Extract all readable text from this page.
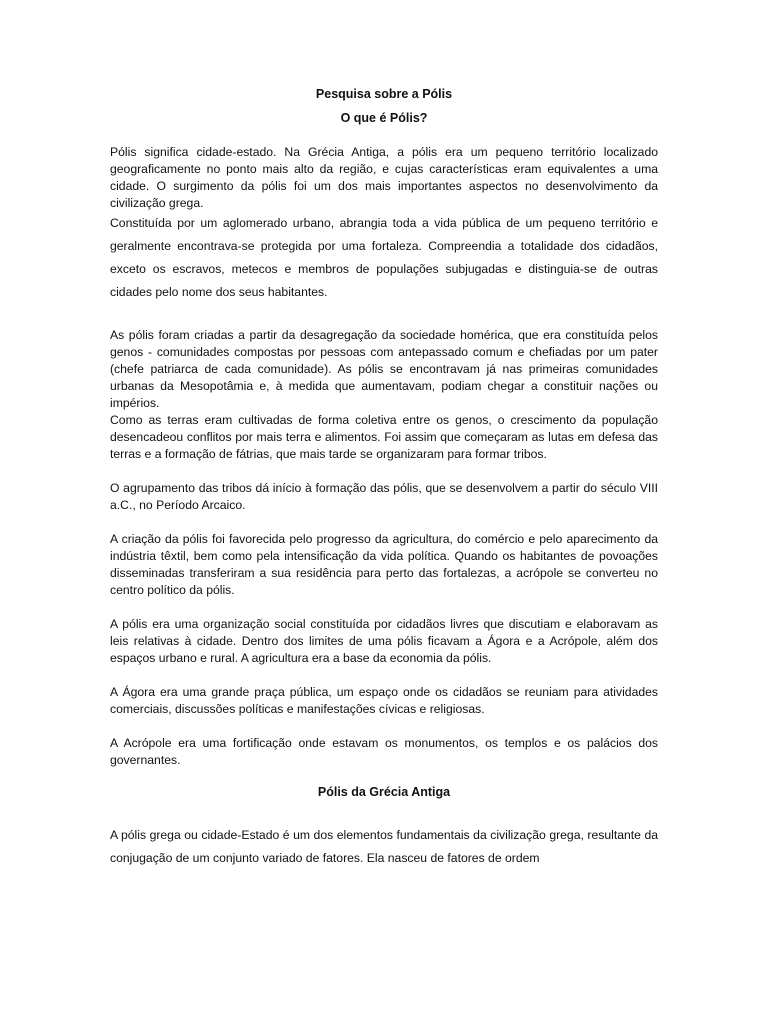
Pesquisa sobre a Pólis
O que é Pólis?

Pólis significa cidade-estado. Na Grécia Antiga, a pólis era um pequeno território localizado geograficamente no ponto mais alto da região, e cujas características eram equivalentes a uma cidade. O surgimento da pólis foi um dos mais importantes aspectos no desenvolvimento da civilização grega.

Constituída por um aglomerado urbano, abrangia toda a vida pública de um pequeno território e geralmente encontrava-se protegida por uma fortaleza. Compreendia a totalidade dos cidadãos, exceto os escravos, metecos e membros de populações subjugadas e distinguia-se de outras cidades pelo nome dos seus habitantes.

As pólis foram criadas a partir da desagregação da sociedade homérica, que era constituída pelos genos - comunidades compostas por pessoas com antepassado comum e chefiadas por um pater (chefe patriarca de cada comunidade). As pólis se encontravam já nas primeiras comunidades urbanas da Mesopotâmia e, à medida que aumentavam, podiam chegar a constituir nações ou impérios.

Como as terras eram cultivadas de forma coletiva entre os genos, o crescimento da população desencadeou conflitos por mais terra e alimentos. Foi assim que começaram as lutas em defesa das terras e a formação de fátrias, que mais tarde se organizaram para formar tribos.

O agrupamento das tribos dá início à formação das pólis, que se desenvolvem a partir do século VIII a.C., no Período Arcaico.

A criação da pólis foi favorecida pelo progresso da agricultura, do comércio e pelo aparecimento da indústria têxtil, bem como pela intensificação da vida política. Quando os habitantes de povoações disseminadas transferiram a sua residência para perto das fortalezas, a acrópole se converteu no centro político da pólis.

A pólis era uma organização social constituída por cidadãos livres que discutiam e elaboravam as leis relativas à cidade. Dentro dos limites de uma pólis ficavam a Ágora e a Acrópole, além dos espaços urbano e rural. A agricultura era a base da economia da pólis.

A Ágora era uma grande praça pública, um espaço onde os cidadãos se reuniam para atividades comerciais, discussões políticas e manifestações cívicas e religiosas.

A Acrópole era uma fortificação onde estavam os monumentos, os templos e os palácios dos governantes.

Pólis da Grécia Antiga

A pólis grega ou cidade-Estado é um dos elementos fundamentais da civilização grega, resultante da conjugação de um conjunto variado de fatores. Ela nasceu de fatores de ordem
